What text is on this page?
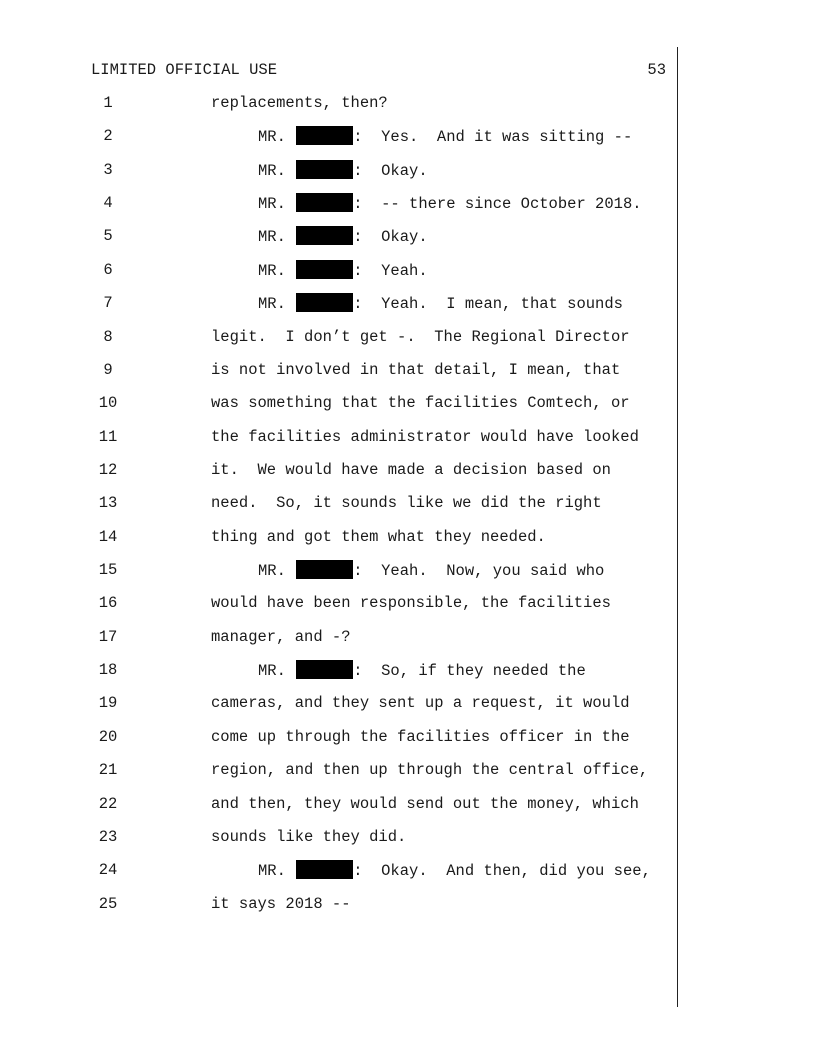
LIMITED OFFICIAL USE	53
1	replacements, then?
2	MR.	:  Yes.  And it was sitting --
3	MR.	:  Okay.
4	MR.	:  -- there since October 2018.
5	MR.	:  Okay.
6	MR.	:  Yeah.
7	MR.	:  Yeah.  I mean, that sounds
8	legit.  I don’t get -.  The Regional Director
9	is not involved in that detail, I mean, that
10	was something that the facilities Comtech, or
11	the facilities administrator would have looked
12	it.  We would have made a decision based on
13	need.  So, it sounds like we did the right
14	thing and got them what they needed.
15	MR.	:  Yeah.  Now, you said who
16	would have been responsible, the facilities
17	manager, and -?
18	MR.	:  So, if they needed the
19	cameras, and they sent up a request, it would
20	come up through the facilities officer in the
21	region, and then up through the central office,
22	and then, they would send out the money, which
23	sounds like they did.
24	MR.	:  Okay.  And then, did you see,
25	it says 2018 --
